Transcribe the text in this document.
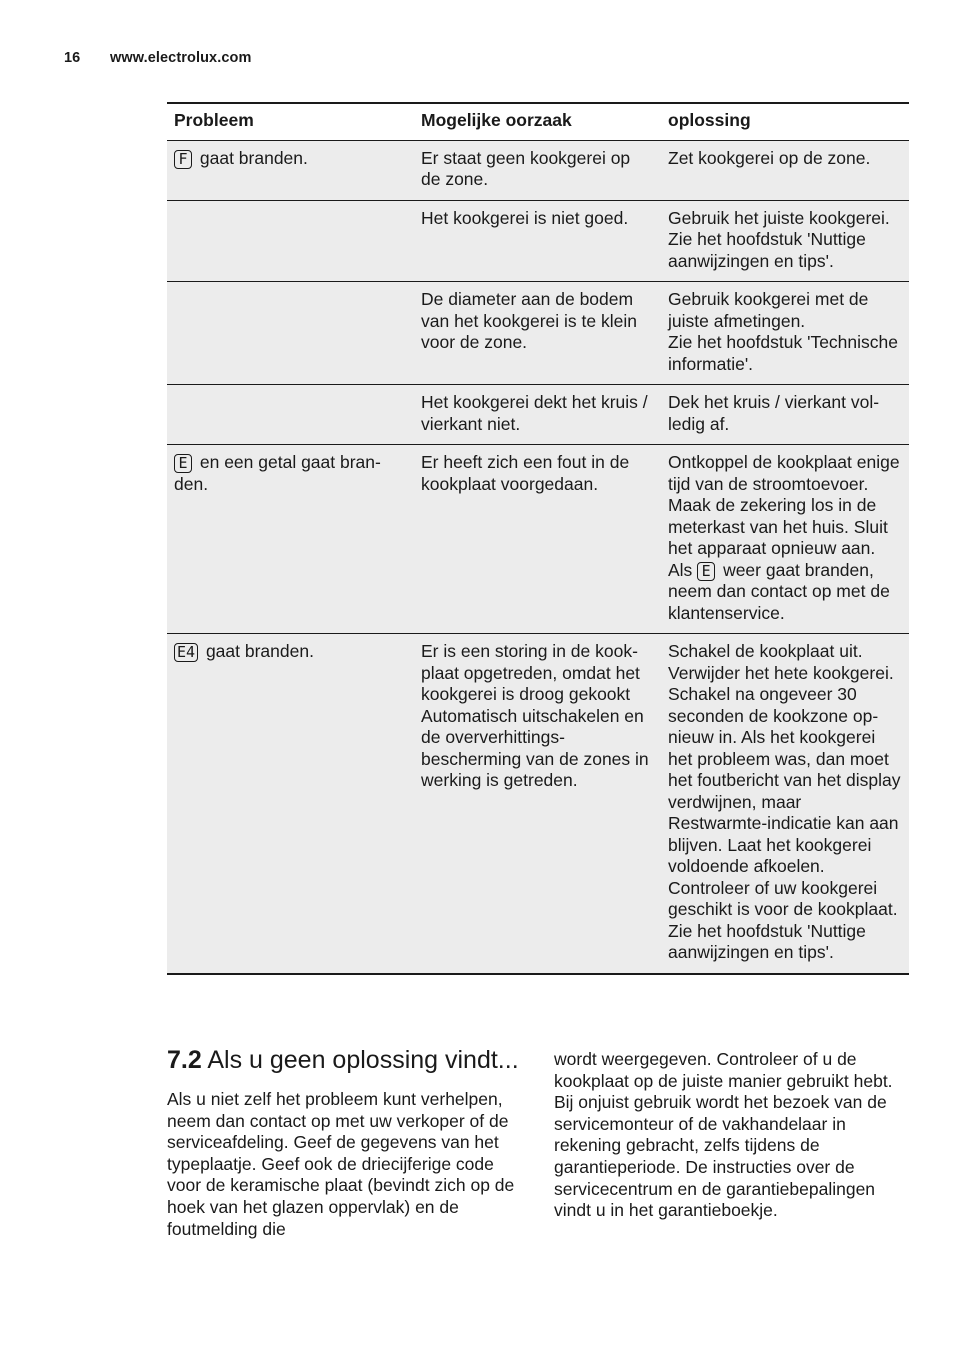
16 www.electrolux.com
Probleem	Mogelijke oorzaak	oplossing
F gaat branden.	Er staat geen kookgerei op de zone.	Zet kookgerei op de zone.
	Het kookgerei is niet goed.	Gebruik het juiste kookgerei.
Zie het hoofdstuk 'Nuttige aanwijzingen en tips'.
	De diameter aan de bodem van het kookgerei is te klein voor de zone.	Gebruik kookgerei met de juiste afmetingen.
Zie het hoofdstuk 'Technische informatie'.
	Het kookgerei dekt het kruis / vierkant niet.	Dek het kruis / vierkant volledig af.
E en een getal gaat branden.	Er heeft zich een fout in de kookplaat voorgedaan.	Ontkoppel de kookplaat enige tijd van de stroomtoevoer. Maak de zekering los in de meterkast van het huis. Sluit het apparaat opnieuw aan. Als E weer gaat branden, neem dan contact op met de klantenservice.
E4 gaat branden.	Er is een storing in de kookplaat opgetreden, omdat het kookgerei is droog gekookt Automatisch uitschakelen en de oververhittingsbescherming van de zones in werking is getreden.	Schakel de kookplaat uit. Verwijder het hete kookgerei. Schakel na ongeveer 30 seconden de kookzone opnieuw in. Als het kookgerei het probleem was, dan moet het foutbericht van het display verdwijnen, maar Restwarmte-indicatie kan aan blijven. Laat het kookgerei voldoende afkoelen. Controleer of uw kookgerei geschikt is voor de kookplaat.
Zie het hoofdstuk 'Nuttige aanwijzingen en tips'.
7.2 Als u geen oplossing vindt...

Als u niet zelf het probleem kunt verhelpen, neem dan contact op met uw verkoper of de serviceafdeling. Geef de gegevens van het typeplaatje. Geef ook de driecijferige code voor de keramische plaat (bevindt zich op de hoek van het glazen oppervlak) en de foutmelding die

wordt weergegeven. Controleer of u de kookplaat op de juiste manier gebruikt hebt. Bij onjuist gebruik wordt het bezoek van de servicemonteur of de vakhandelaar in rekening gebracht, zelfs tijdens de garantieperiode. De instructies over de servicecentrum en de garantiebepalingen vindt u in het garantieboekje.
